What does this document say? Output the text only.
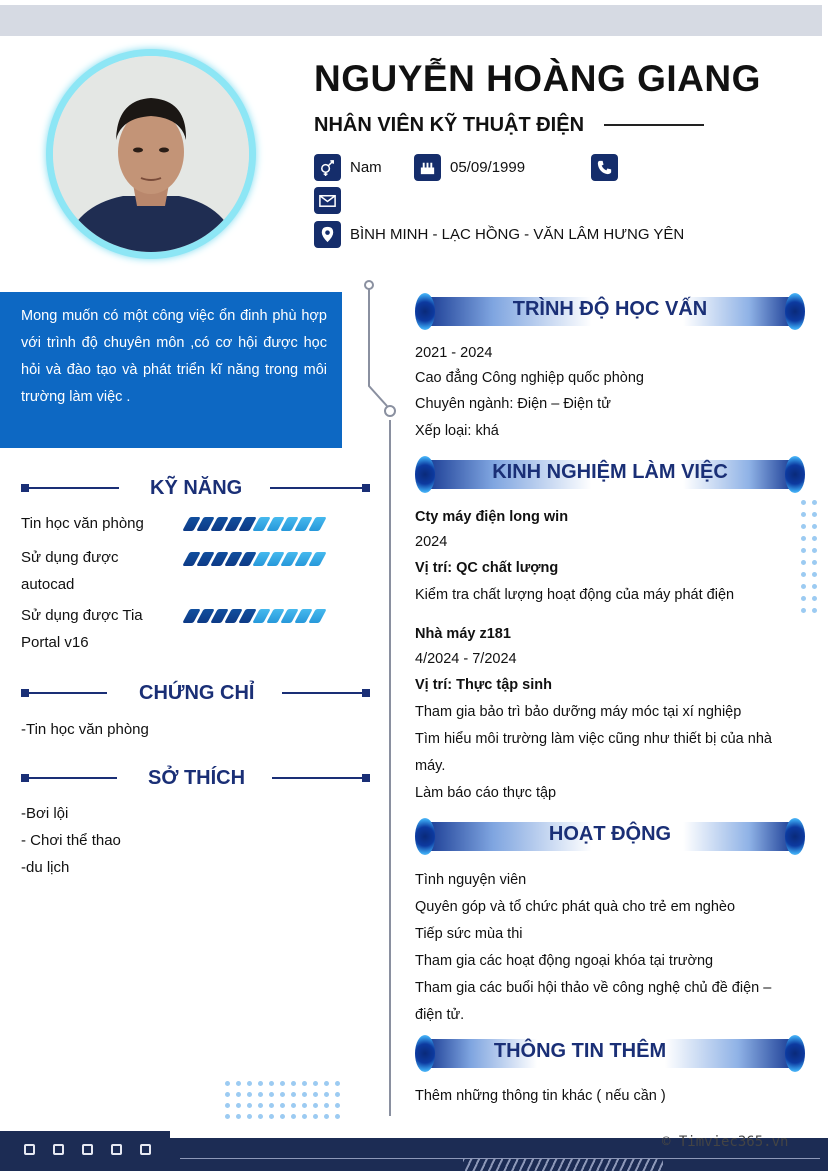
NGUYỄN HOÀNG GIANG
NHÂN VIÊN KỸ THUẬT ĐIỆN
Nam	05/09/1999
BÌNH MINH - LẠC HỒNG - VĂN LÂM HƯNG YÊN
Mong muốn có một công việc ổn đinh phù hợp với trình độ chuyên môn ,có cơ hội được học hỏi và đào tạo và phát triển kĩ năng trong môi trường làm việc .
KỸ NĂNG
Tin học văn phòng
Sử dụng được
autocad
Sử dụng được Tia
Portal v16
CHỨNG CHỈ
-Tin học văn phòng
SỞ THÍCH
-Bơi lội
- Chơi thể thao
-du lịch
TRÌNH ĐỘ HỌC VẤN
2021 - 2024
Cao đẳng Công nghiệp quốc phòng
Chuyên ngành: Điện – Điện tử
Xếp loại: khá
KINH NGHIỆM LÀM VIỆC
Cty máy điện long win
2024
Vị trí: QC chất lượng
Kiểm tra chất lượng hoạt động của máy phát điện
Nhà máy z181
4/2024 - 7/2024
Vị trí: Thực tập sinh
Tham gia bảo trì bảo dưỡng máy móc tại xí nghiệp
Tìm hiểu môi trường làm việc cũng như thiết bị của nhà
máy.
Làm báo cáo thực tập
HOẠT ĐỘNG
Tình nguyện viên
Quyên góp và tổ chức phát quà cho trẻ em nghèo
Tiếp sức mùa thi
Tham gia các hoạt động ngoại khóa tại trường
Tham gia các buổi hội thảo về công nghệ chủ đề điện –
điện tử.
THÔNG TIN THÊM
Thêm những thông tin khác ( nếu cần )
© Timviec365.vn
